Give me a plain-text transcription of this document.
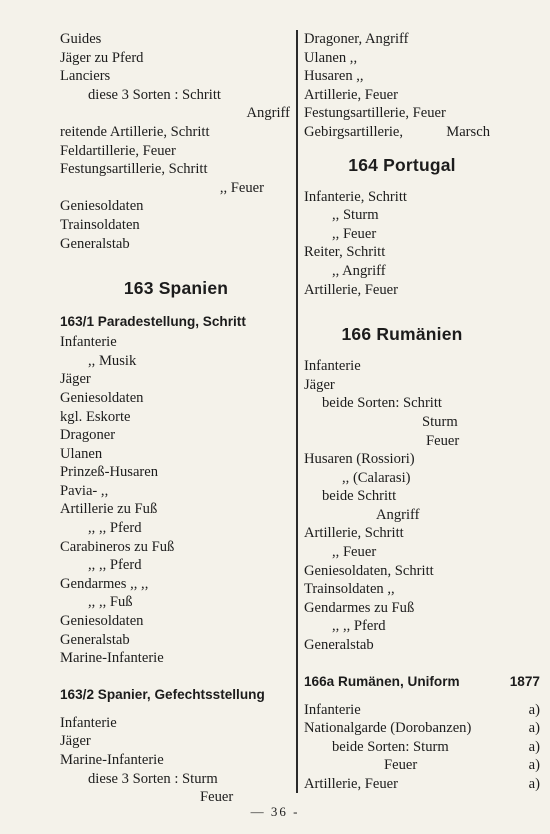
Guides
Jäger zu Pferd
Lanciers
diese 3 Sorten : Schritt
Angriff
reitende Artillerie, Schritt
Feldartillerie, Feuer
Festungsartillerie, Schritt
,, Feuer
Geniesoldaten
Trainsoldaten
Generalstab
163 Spanien
163/1 Paradestellung, Schritt
Infanterie
,, Musik
Jäger
Geniesoldaten
kgl. Eskorte
Dragoner
Ulanen
Prinzeß-Husaren
Pavia- ,,
Artillerie zu Fuß
,, ,, Pferd
Carabineros zu Fuß
,, ,, Pferd
Gendarmes ,, ,,
,, ,, Fuß
Geniesoldaten
Generalstab
Marine-Infanterie
163/2 Spanier, Gefechtsstellung
Infanterie
Jäger
Marine-Infanterie
diese 3 Sorten : Sturm
Feuer
Dragoner, Angriff
Ulanen ,,
Husaren ,,
Artillerie, Feuer
Festungsartillerie, Feuer
Gebirgsartillerie,	Marsch
164 Portugal
Infanterie, Schritt
,, Sturm
,, Feuer
Reiter, Schritt
,, Angriff
Artillerie, Feuer
166 Rumänien
Infanterie
Jäger
beide Sorten: Schritt
Sturm
Feuer
Husaren (Rossiori)
,, (Calarasi)
beide Schritt
Angriff
Artillerie, Schritt
,, Feuer
Geniesoldaten, Schritt
Trainsoldaten ,,
Gendarmes zu Fuß
,, ,, Pferd
Generalstab
166a Rumänen, Uniform	1877
Infanterie	a)
Nationalgarde (Dorobanzen)	a)
beide Sorten: Sturm	a)
Feuer	a)
Artillerie, Feuer	a)
— 36 -
